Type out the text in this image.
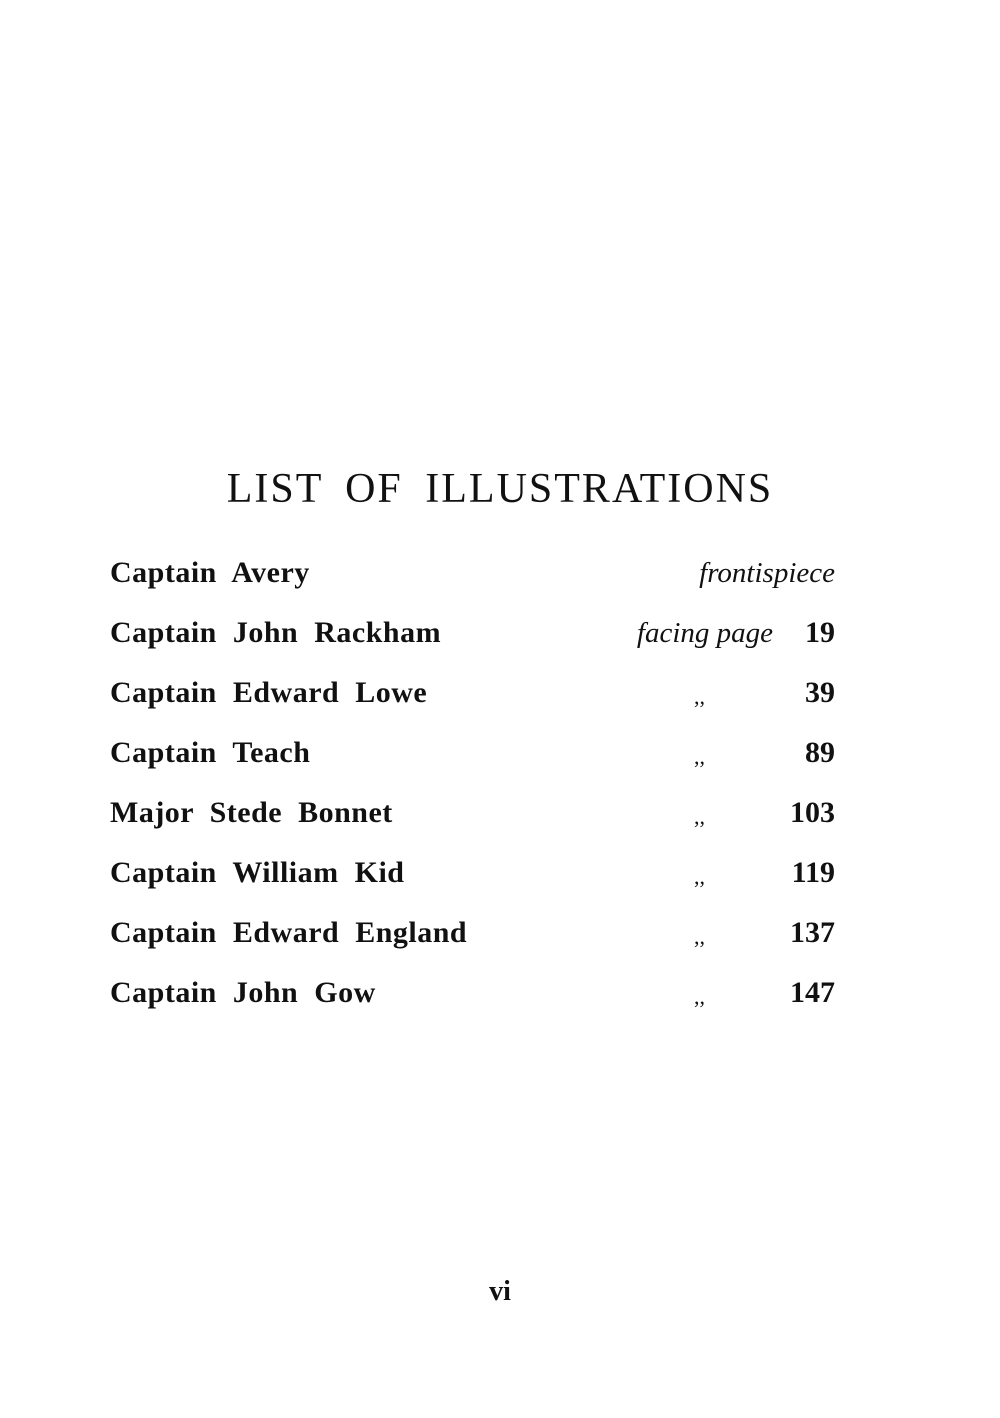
LIST OF ILLUSTRATIONS
Captain Avery	frontispiece
Captain John Rackham	facing page 19
Captain Edward Lowe	,,	39
Captain Teach	,,	89
Major Stede Bonnet	,,	103
Captain William Kid	,,	119
Captain Edward England	,,	137
Captain John Gow	,,	147
vi
